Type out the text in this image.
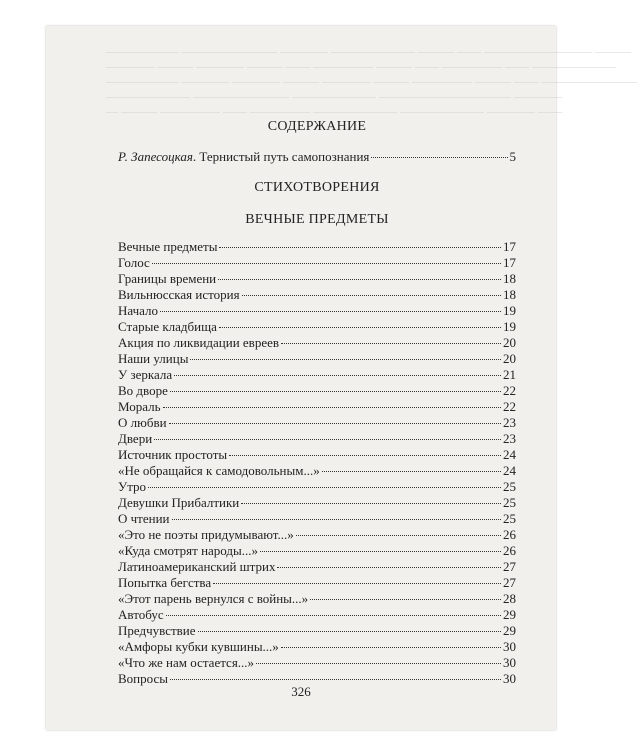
—————— ———————— ———— ——————— ——— —— ————————— ———
———— ——— ———— ——— —— ————— ——— —— ————— —— ———————
—————— ———— ———— ——— ———— ——— ————— ——— —— ————————
——————— ———————— ——————— ——————————— ————
— ——— ————— —— ————— ——————— ——————— ———— ——
СОДЕРЖАНИЕ
Р. Запесоцкая . Тернистый путь самопознания	5
СТИХОТВОРЕНИЯ
ВЕЧНЫЕ ПРЕДМЕТЫ
Вечные предметы	17
Голос	17
Границы времени	18
Вильнюсская история	18
Начало	19
Старые кладбища	19
Акция по ликвидации евреев	20
Наши улицы	20
У зеркала	21
Во дворе	22
Мораль	22
О любви	23
Двери	23
Источник простоты	24
«Не обращайся к самодовольным...»	24
Утро	25
Девушки Прибалтики	25
О чтении	25
«Это не поэты придумывают...»	26
«Куда смотрят народы...»	26
Латиноамериканский штрих	27
Попытка бегства	27
«Этот парень вернулся с войны...»	28
Автобус	29
Предчувствие	29
«Амфоры кубки кувшины...»	30
«Что же нам остается...»	30
Вопросы	30
326
